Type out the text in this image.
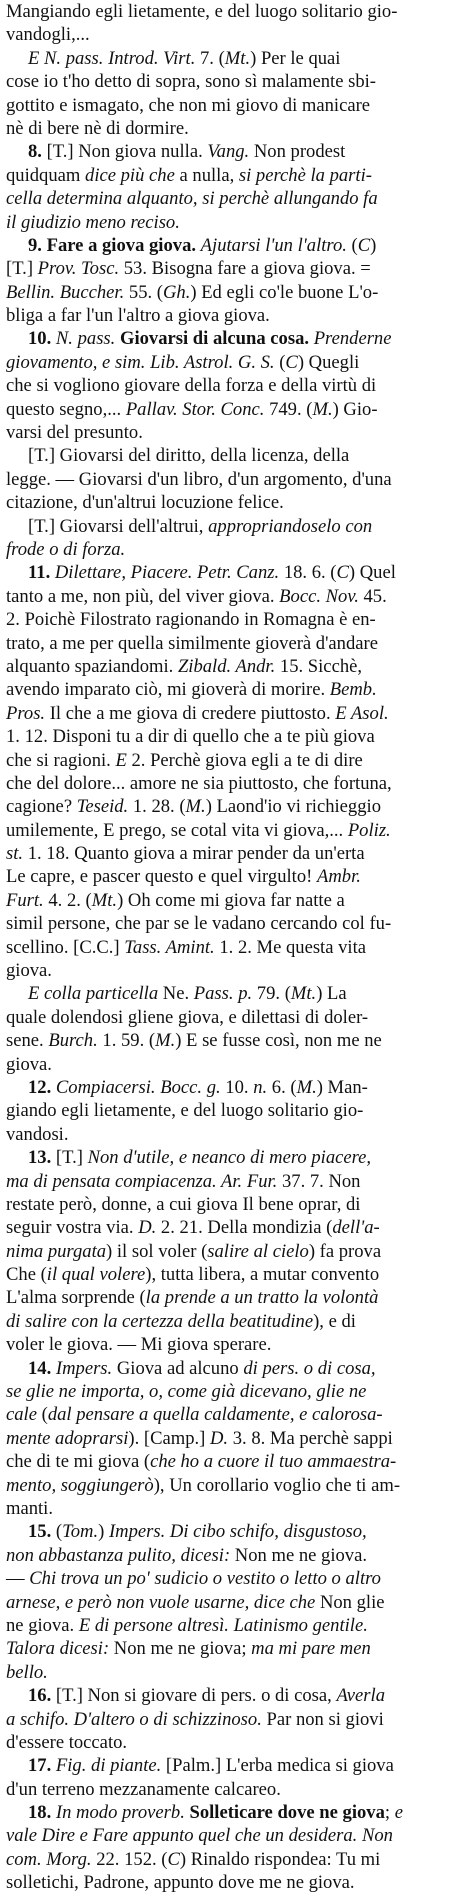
Mangiando egli lietamente, e del luogo solitario gio-
vandogli,...
E N. pass. Introd. Virt. 7. (Mt.) Per le quai
cose io t'ho detto di sopra, sono sì malamente sbi-
gottito e ismagato, che non mi giovo di manicare
nè di bere nè di dormire.
8. [T.] Non giova nulla. Vang. Non prodest
quidquam dice più che a nulla, si perchè la parti-
cella determina alquanto, si perchè allungando fa
il giudizio meno reciso.
9. Fare a giova giova. Ajutarsi l'un l'altro. (C)
[T.] Prov. Tosc. 53. Bisogna fare a giova giova. =
Bellin. Buccher. 55. (Gh.) Ed egli co'le buone L'o-
bliga a far l'un l'altro a giova giova.
10. N. pass. Giovarsi di alcuna cosa. Prenderne
giovamento, e sim. Lib. Astrol. G. S. (C) Quegli
che si vogliono giovare della forza e della virtù di
questo segno,... Pallav. Stor. Conc. 749. (M.) Gio-
varsi del presunto.
[T.] Giovarsi del diritto, della licenza, della
legge. — Giovarsi d'un libro, d'un argomento, d'una
citazione, d'un'altrui locuzione felice.
[T.] Giovarsi dell'altrui, appropriandoselo con
frode o di forza.
11. Dilettare, Piacere. Petr. Canz. 18. 6. (C) Quel
tanto a me, non più, del viver giova. Bocc. Nov. 45.
2. Poichè Filostrato ragionando in Romagna è en-
trato, a me per quella similmente gioverà d'andare
alquanto spaziandomi. Zibald. Andr. 15. Sicchè,
avendo imparato ciò, mi gioverà di morire. Bemb.
Pros. Il che a me giova di credere piuttosto. E Asol.
1. 12. Disponi tu a dir di quello che a te più giova
che si ragioni. E 2. Perchè giova egli a te di dire
che del dolore... amore ne sia piuttosto, che fortuna,
cagione? Teseid. 1. 28. (M.) Laond'io vi richieggio
umilemente, E prego, se cotal vita vi giova,... Poliz.
st. 1. 18. Quanto giova a mirar pender da un'erta
Le capre, e pascer questo e quel virgulto! Ambr.
Furt. 4. 2. (Mt.) Oh come mi giova far natte a
simil persone, che par se le vadano cercando col fu-
scellino. [C.C.] Tass. Amint. 1. 2. Me questa vita
giova.
E colla particella Ne. Pass. p. 79. (Mt.) La
quale dolendosi gliene giova, e dilettasi di doler-
sene. Burch. 1. 59. (M.) E se fusse così, non me ne
giova.
12. Compiacersi. Bocc. g. 10. n. 6. (M.) Man-
giando egli lietamente, e del luogo solitario gio-
vandosi.
13. [T.] Non d'utile, e neanco di mero piacere,
ma di pensata compiacenza. Ar. Fur. 37. 7. Non
restate però, donne, a cui giova Il bene oprar, di
seguir vostra via. D. 2. 21. Della mondizia (dell'a-
nima purgata) il sol voler (salire al cielo) fa prova
Che (il qual volere), tutta libera, a mutar convento
L'alma sorprende (la prende a un tratto la volontà
di salire con la certezza della beatitudine), e di
voler le giova. — Mi giova sperare.
14. Impers. Giova ad alcuno di pers. o di cosa,
se glie ne importa, o, come già dicevano, glie ne
cale (dal pensare a quella caldamente, e calorosa-
mente adoprarsi). [Camp.] D. 3. 8. Ma perchè sappi
che di te mi giova (che ho a cuore il tuo ammaestra-
mento, soggiungerò), Un corollario voglio che ti am-
manti.
15. (Tom.) Impers. Di cibo schifo, disgustoso,
non abbastanza pulito, dicesi: Non me ne giova.
— Chi trova un po' sudicio o vestito o letto o altro
arnese, e però non vuole usarne, dice che Non glie
ne giova. E di persone altresì. Latinismo gentile.
Talora dicesi: Non me ne giova; ma mi pare men
bello.
16. [T.] Non si giovare di pers. o di cosa, Averla
a schifo. D'altero o di schizzinoso. Par non si giovi
d'essere toccato.
17. Fig. di piante. [Palm.] L'erba medica si giova
d'un terreno mezzanamente calcareo.
18. In modo proverb. Solleticare dove ne giova; e
vale Dire e Fare appunto quel che un desidera. Non
com. Morg. 22. 152. (C) Rinaldo rispondea: Tu mi
solletichi, Padrone, appunto dove me ne giova.
